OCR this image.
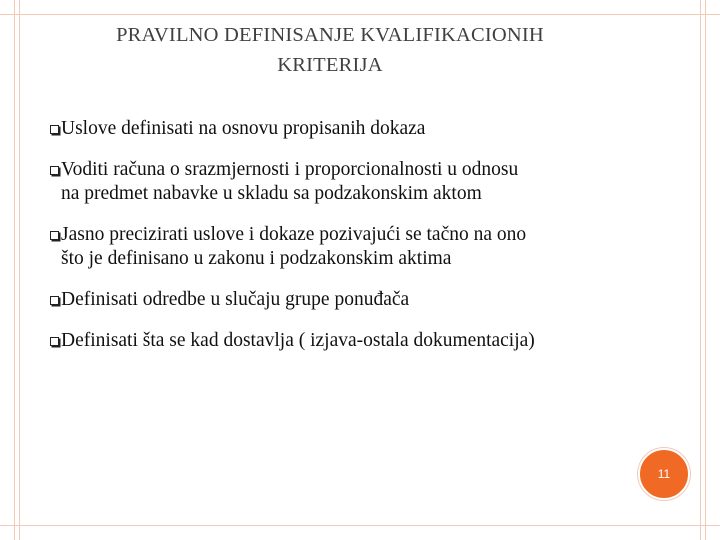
PRAVILNO DEFINISANJE KVALIFIKACIONIH
KRITERIJA
Uslove definisati na osnovu propisanih dokaza
Voditi računa o srazmjernosti i proporcionalnosti u odnosu
na predmet nabavke u skladu sa podzakonskim aktom
Jasno precizirati uslove i dokaze pozivajući se tačno na ono
što je definisano u zakonu i podzakonskim aktima
Definisati odredbe u slučaju grupe ponuđača
Definisati šta se kad dostavlja ( izjava-ostala dokumentacija)
11
